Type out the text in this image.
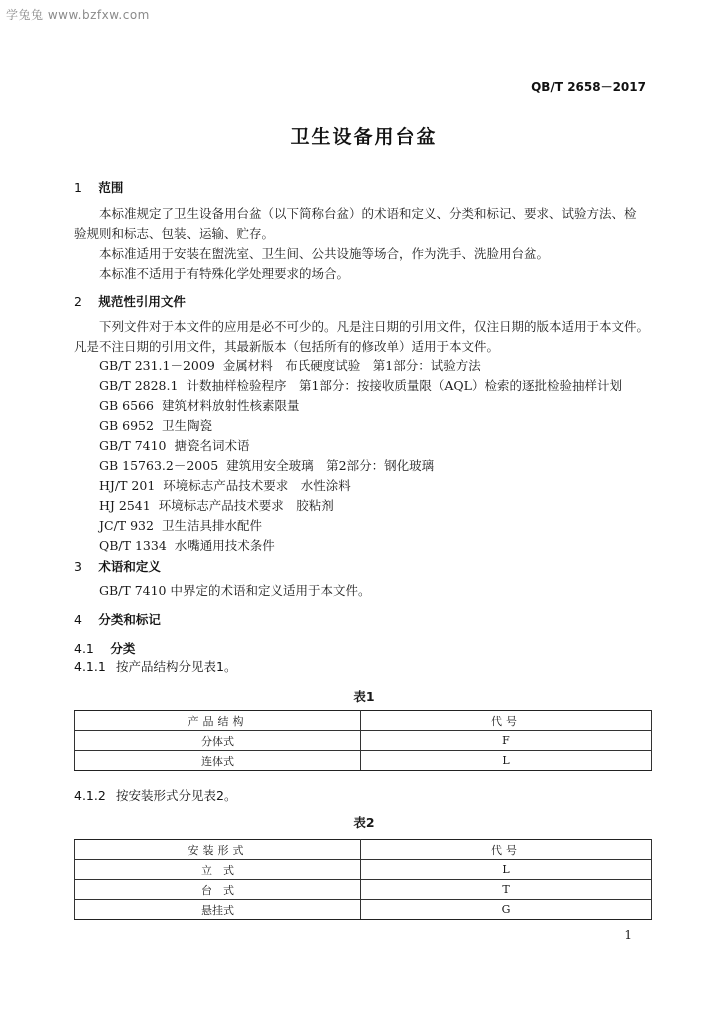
学兔兔 www.bzfxw.com
QB/T 2658－2017
卫生设备用台盆
1 范围
本标准规定了卫生设备用台盆（以下简称台盆）的术语和定义、分类和标记、要求、试验方法、检
验规则和标志、包装、运输、贮存。
本标准适用于安装在盥洗室、卫生间、公共设施等场合，作为洗手、洗脸用台盆。
本标准不适用于有特殊化学处理要求的场合。
2 规范性引用文件
下列文件对于本文件的应用是必不可少的。凡是注日期的引用文件，仅注日期的版本适用于本文件。
凡是不注日期的引用文件，其最新版本（包括所有的修改单）适用于本文件。
GB/T 231.1－2009 金属材料　布氏硬度试验　第1部分：试验方法
GB/T 2828.1 计数抽样检验程序　第1部分：按接收质量限（AQL）检索的逐批检验抽样计划
GB 6566 建筑材料放射性核素限量
GB 6952 卫生陶瓷
GB/T 7410 搪瓷名词术语
GB 15763.2－2005 建筑用安全玻璃　第2部分：钢化玻璃
HJ/T 201 环境标志产品技术要求　水性涂料
HJ 2541 环境标志产品技术要求　胶粘剂
JC/T 932 卫生洁具排水配件
QB/T 1334 水嘴通用技术条件
3 术语和定义
GB/T 7410 中界定的术语和定义适用于本文件。
4 分类和标记
4.1 分类
4.1.1 按产品结构分见表1。
表1
产品结构	代号
分体式	F
连体式	L
4.1.2 按安装形式分见表2。
表2
安装形式	代号
立　式	L
台　式	T
悬挂式	G
1
